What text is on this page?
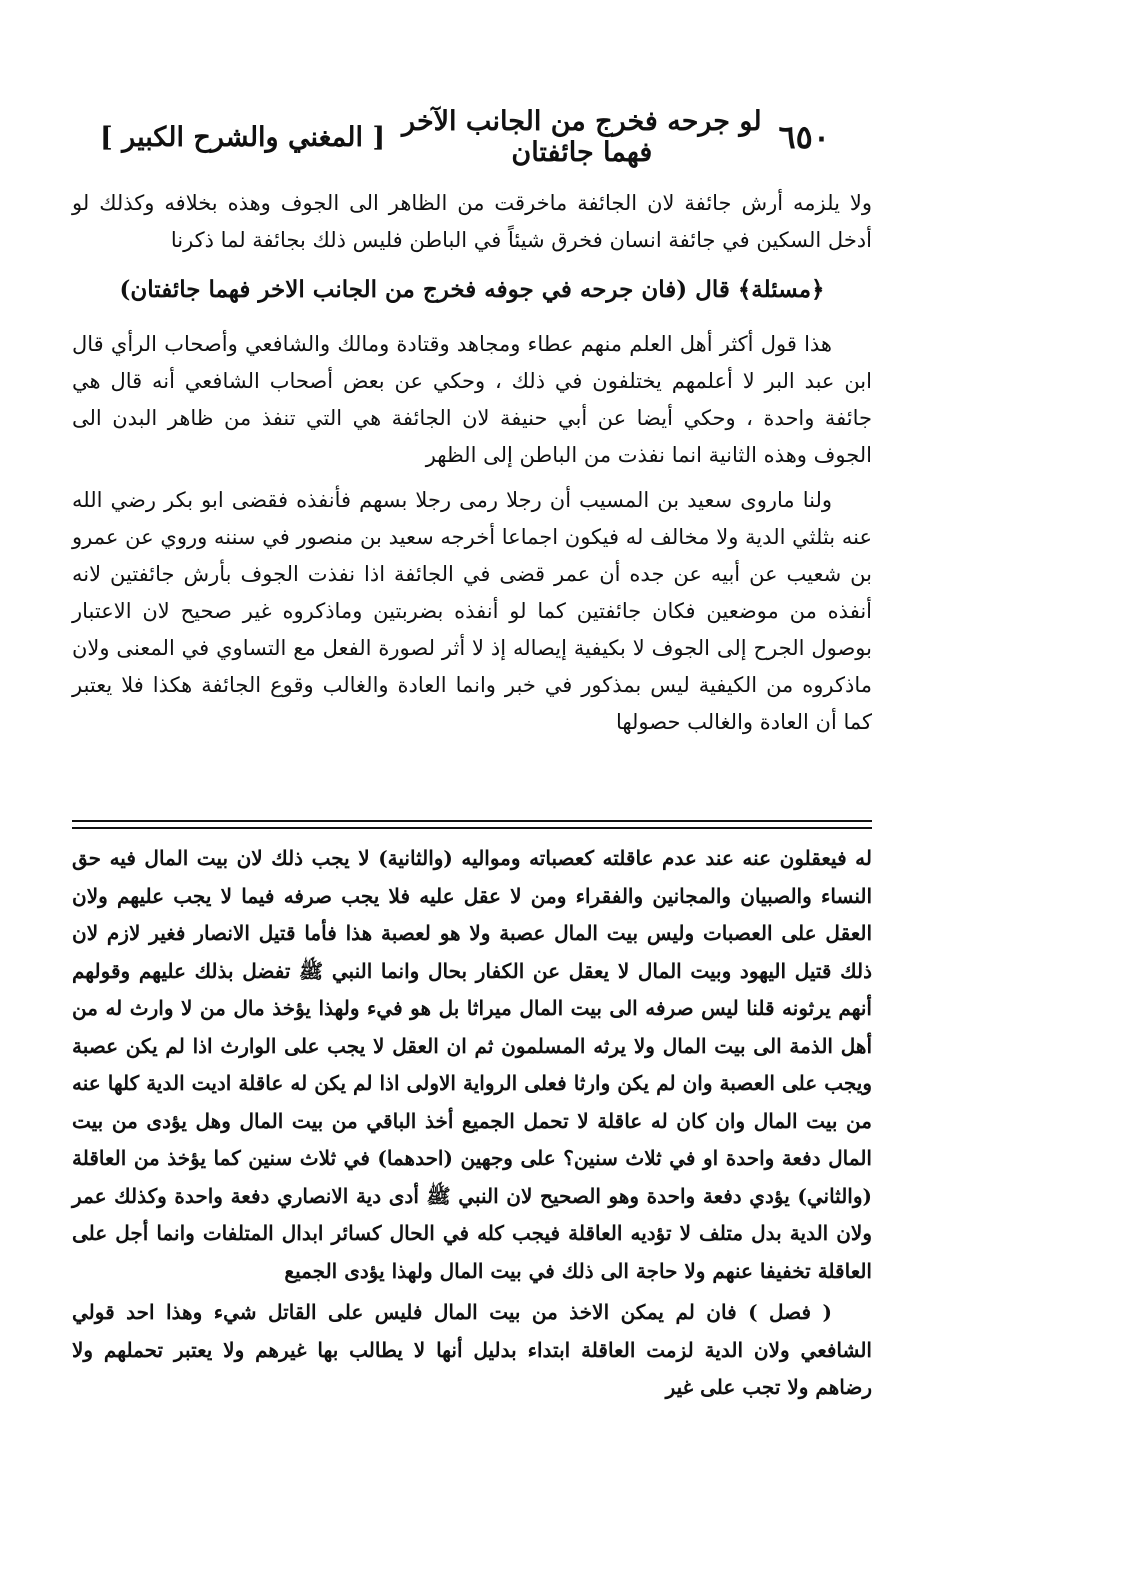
٦٥٠
لو جرحه فخرج من الجانب الآخر فهما جائفتان
[ المغني والشرح الكبير ]

ولا يلزمه أرش جائفة لان الجائفة ماخرقت من الظاهر الى الجوف وهذه بخلافه وكذلك لو أدخل السكين في جائفة انسان فخرق شيئاً في الباطن فليس ذلك بجائفة لما ذكرنا

﴿مسئلة﴾ قال (فان جرحه في جوفه فخرج من الجانب الاخر فهما جائفتان)

هذا قول أكثر أهل العلم منهم عطاء ومجاهد وقتادة ومالك والشافعي وأصحاب الرأي قال ابن عبد البر لا أعلمهم يختلفون في ذلك ، وحكي عن بعض أصحاب الشافعي أنه قال هي جائفة واحدة ، وحكي أيضا عن أبي حنيفة لان الجائفة هي التي تنفذ من ظاهر البدن الى الجوف وهذه الثانية انما نفذت من الباطن إلى الظهر

ولنا ماروى سعيد بن المسيب أن رجلا رمى رجلا بسهم فأنفذه فقضى ابو بكر رضي الله عنه بثلثي الدية ولا مخالف له فيكون اجماعا أخرجه سعيد بن منصور في سننه وروي عن عمرو بن شعيب عن أبيه عن جده أن عمر قضى في الجائفة اذا نفذت الجوف بأرش جائفتين لانه أنفذه من موضعين فكان جائفتين كما لو أنفذه بضربتين وماذكروه غير صحيح لان الاعتبار بوصول الجرح إلى الجوف لا بكيفية إيصاله إذ لا أثر لصورة الفعل مع التساوي في المعنى ولان ماذكروه من الكيفية ليس بمذكور في خبر وانما العادة والغالب وقوع الجائفة هكذا فلا يعتبر كما أن العادة والغالب حصولها

له فيعقلون عنه عند عدم عاقلته كعصباته ومواليه (والثانية) لا يجب ذلك لان بيت المال فيه حق النساء والصبيان والمجانين والفقراء ومن لا عقل عليه فلا يجب صرفه فيما لا يجب عليهم ولان العقل على العصبات وليس بيت المال عصبة ولا هو لعصبة هذا فأما قتيل الانصار فغير لازم لان ذلك قتيل اليهود وبيت المال لا يعقل عن الكفار بحال وانما النبي ﷺ تفضل بذلك عليهم وقولهم أنهم يرثونه قلنا ليس صرفه الى بيت المال ميراثا بل هو فيء ولهذا يؤخذ مال من لا وارث له من أهل الذمة الى بيت المال ولا يرثه المسلمون ثم ان العقل لا يجب على الوارث اذا لم يكن عصبة ويجب على العصبة وان لم يكن وارثا فعلى الرواية الاولى اذا لم يكن له عاقلة اديت الدية كلها عنه من بيت المال وان كان له عاقلة لا تحمل الجميع أخذ الباقي من بيت المال وهل يؤدى من بيت المال دفعة واحدة او في ثلاث سنين؟ على وجهين (احدهما) في ثلاث سنين كما يؤخذ من العاقلة (والثاني) يؤدي دفعة واحدة وهو الصحيح لان النبي ﷺ أدى دية الانصاري دفعة واحدة وكذلك عمر ولان الدية بدل متلف لا تؤديه العاقلة فيجب كله في الحال كسائر ابدال المتلفات وانما أجل على العاقلة تخفيفا عنهم ولا حاجة الى ذلك في بيت المال ولهذا يؤدى الجميع

( فصل ) فان لم يمكن الاخذ من بيت المال فليس على القاتل شيء وهذا احد قولي الشافعي ولان الدية لزمت العاقلة ابتداء بدليل أنها لا يطالب بها غيرهم ولا يعتبر تحملهم ولا رضاهم ولا تجب على غير
